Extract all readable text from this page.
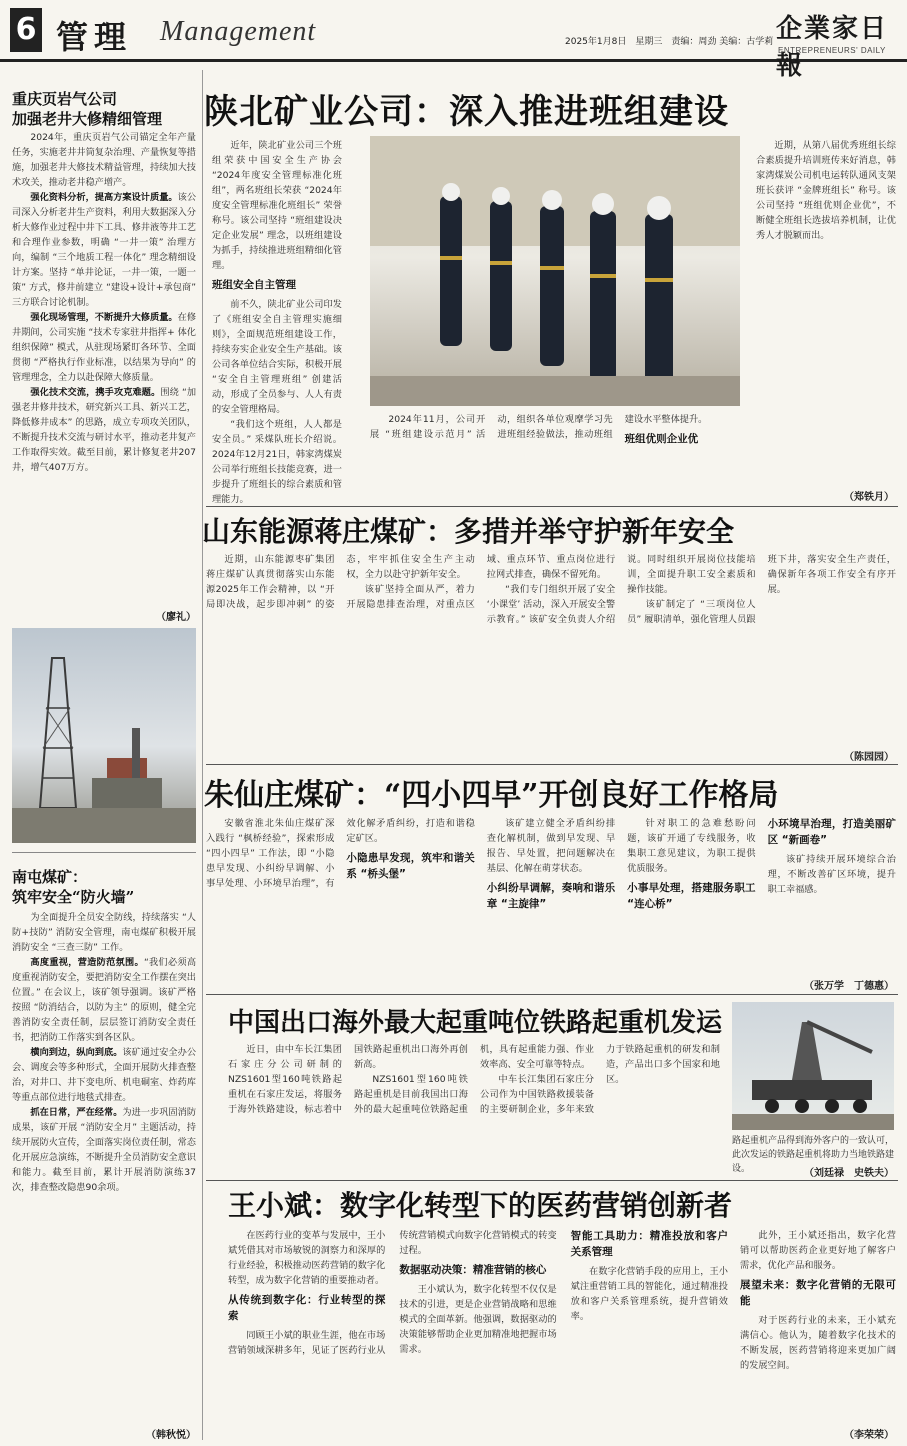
6 管理 Management	2025年1月8日　星期三　责编：周劲 美编：古学莉 企業家日報
ENTREPRENEURS' DAILY
重庆页岩气公司
加强老井大修精细管理

2024年，重庆页岩气公司锚定全年产量任务，实施老井井筒复杂治理、产量恢复等措施，加强老井大修技术精益管理，持续加大技术攻关，推动老井稳产增产。

强化资料分析，提高方案设计质量。该公司深入分析老井生产资料，利用大数据深入分析大修作业过程中井下工具、修井液等井工艺和合理作业参数，明确 “一井一策” 治理方向，编制 “三个地质工程一体化” 理念精细设计方案。坚持 “单井论证，一井一策，一题一策” 方式，修井前建立 “建设+设计+承包商” 三方联合讨论机制。

强化现场管理，不断提升大修质量。在修井期间，公司实施 “技术专家驻井指挥+ 体化组织保障” 模式，从驻现场紧盯各环节、全面贯彻 “严格执行作业标准，以结果为导向” 的管理理念，全力以赴保障大修质量。

强化技术交流，携手攻克难题。围绕 “加强老井修井技术，研究新兴工具、新兴工艺，降低修井成本” 的思路，成立专项攻关团队，不断提升技术交流与研讨水平，推动老井复产工作取得实效。截至目前，累计修复老井207井，增气407万方。

（廖礼）
南屯煤矿：
筑牢安全“防火墙”

为全面提升全员安全防线，持续落实 “人防+技防” 消防安全管理，南屯煤矿积极开展消防安全 “三查三防” 工作。

高度重视，营造防范氛围。“我们必须高度重视消防安全，要把消防安全工作摆在突出位置。” 在会议上，该矿领导强调。该矿严格按照 “防消结合，以防为主” 的原则，健全完善消防安全责任制，层层签订消防安全责任书，把消防工作落实到各区队。

横向到边，纵向到底。该矿通过安全办公会、调度会等多种形式，全面开展防火排查整治，对井口、井下变电所、机电硐室、炸药库等重点部位进行地毯式排查。

抓在日常，严在经常。为进一步巩固消防成果，该矿开展 “消防安全月” 主题活动，持续开展防火宣传，全面落实岗位责任制，常态化开展应急演练，不断提升全员消防安全意识和能力。截至目前，累计开展消防演练37次，排查整改隐患90余项。

（韩秋悦）
陕北矿业公司：深入推进班组建设

近年，陕北矿业公司三个班组荣获中国安全生产协会 “2024年度安全管理标准化班组”，两名班组长荣获 “2024年度安全管理标准化班组长” 荣誉称号。该公司坚持 “班组建设决定企业发展” 理念，以班组建设为抓手，持续推进班组精细化管理。

班组安全自主管理

前不久，陕北矿业公司印发了《班组安全自主管理实施细则》，全面规范班组建设工作，持续夯实企业安全生产基础。该公司各单位结合实际，积极开展 “安全自主管理班组” 创建活动，形成了全员参与、人人有责的安全管理格局。

“我们这个班组，人人都是安全员。” 采煤队班长介绍说。2024年12月21日，韩家湾煤炭公司举行班组长技能竞赛，进一步提升了班组长的综合素质和管理能力。

2024年11月，公司开展 “班组建设示范月” 活动，组织各单位观摩学习先进班组经验做法，推动班组建设水平整体提升。

班组优则企业优

近期，从第八届优秀班组长综合素质提升培训班传来好消息，韩家湾煤炭公司机电运转队通风支架班长获评 “金牌班组长” 称号。该公司坚持 “班组优则企业优”，不断健全班组长选拔培养机制，让优秀人才脱颖而出。

（郑铁月）
山东能源蒋庄煤矿：多措并举守护新年安全

近期，山东能源枣矿集团蒋庄煤矿认真贯彻落实山东能源2025年工作会精神，以 “开局即决战，起步即冲刺” 的姿态，牢牢抓住安全生产主动权，全力以赴守护新年安全。

该矿坚持全面从严，着力开展隐患排查治理，对重点区域、重点环节、重点岗位进行拉网式排查，确保不留死角。

“我们专门组织开展了安全 ‘小课堂’ 活动，深入开展安全警示教育。” 该矿安全负责人介绍说。同时组织开展岗位技能培训，全面提升职工安全素质和操作技能。

该矿制定了 “三项岗位人员” 履职清单，强化管理人员跟班下井，落实安全生产责任，确保新年各项工作安全有序开展。

（陈园园）
朱仙庄煤矿：“四小四早”开创良好工作格局

安徽省淮北朱仙庄煤矿深入践行 “枫桥经验”，探索形成 “四小四早” 工作法，即 “小隐患早发现、小纠纷早调解、小事早处理、小环境早治理”，有效化解矛盾纠纷，打造和谐稳定矿区。

小隐患早发现，筑牢和谐关系 “桥头堡”

该矿建立健全矛盾纠纷排查化解机制，做到早发现、早报告、早处置，把问题解决在基层、化解在萌芽状态。

小纠纷早调解，奏响和谐乐章 “主旋律”

针对职工的急难愁盼问题，该矿开通了专线服务，收集职工意见建议，为职工提供优质服务。

小事早处理，搭建服务职工 “连心桥”
小环境早治理，打造美丽矿区 “新画卷”

该矿持续开展环境综合治理，不断改善矿区环境，提升职工幸福感。

（张万学　丁德惠）
中国出口海外最大起重吨位铁路起重机发运

近日，由中车长江集团石家庄分公司研制的NZS1601型160吨铁路起重机在石家庄发运，将服务于海外铁路建设，标志着中国铁路起重机出口海外再创新高。

NZS1601型160吨铁路起重机是目前我国出口海外的最大起重吨位铁路起重机，具有起重能力强、作业效率高、安全可靠等特点。

中车长江集团石家庄分公司作为中国铁路救援装备的主要研制企业，多年来致力于铁路起重机的研发和制造，产品出口多个国家和地区。

路起重机产品得到海外客户的一致认可，此次发运的铁路起重机将助力当地铁路建设。	（刘廷禄　史铁夫）
王小斌：数字化转型下的医药营销创新者

在医药行业的变革与发展中，王小斌凭借其对市场敏锐的洞察力和深厚的行业经验，积极推动医药营销的数字化转型，成为数字化营销的重要推动者。

从传统到数字化：行业转型的探索

同顾王小斌的职业生涯，他在市场营销领域深耕多年，见证了医药行业从传统营销模式向数字化营销模式的转变过程。

数据驱动决策：精准营销的核心

王小斌认为，数字化转型不仅仅是技术的引进，更是企业营销战略和思维模式的全面革新。他强调，数据驱动的决策能够帮助企业更加精准地把握市场需求。

智能工具助力：精准投放和客户关系管理

在数字化营销手段的应用上，王小斌注重营销工具的智能化，通过精准投放和客户关系管理系统，提升营销效率。

此外，王小斌还指出，数字化营销可以帮助医药企业更好地了解客户需求，优化产品和服务。

展望未来：数字化营销的无限可能

对于医药行业的未来，王小斌充满信心。他认为，随着数字化技术的不断发展，医药营销将迎来更加广阔的发展空间。

（李荣荣）
